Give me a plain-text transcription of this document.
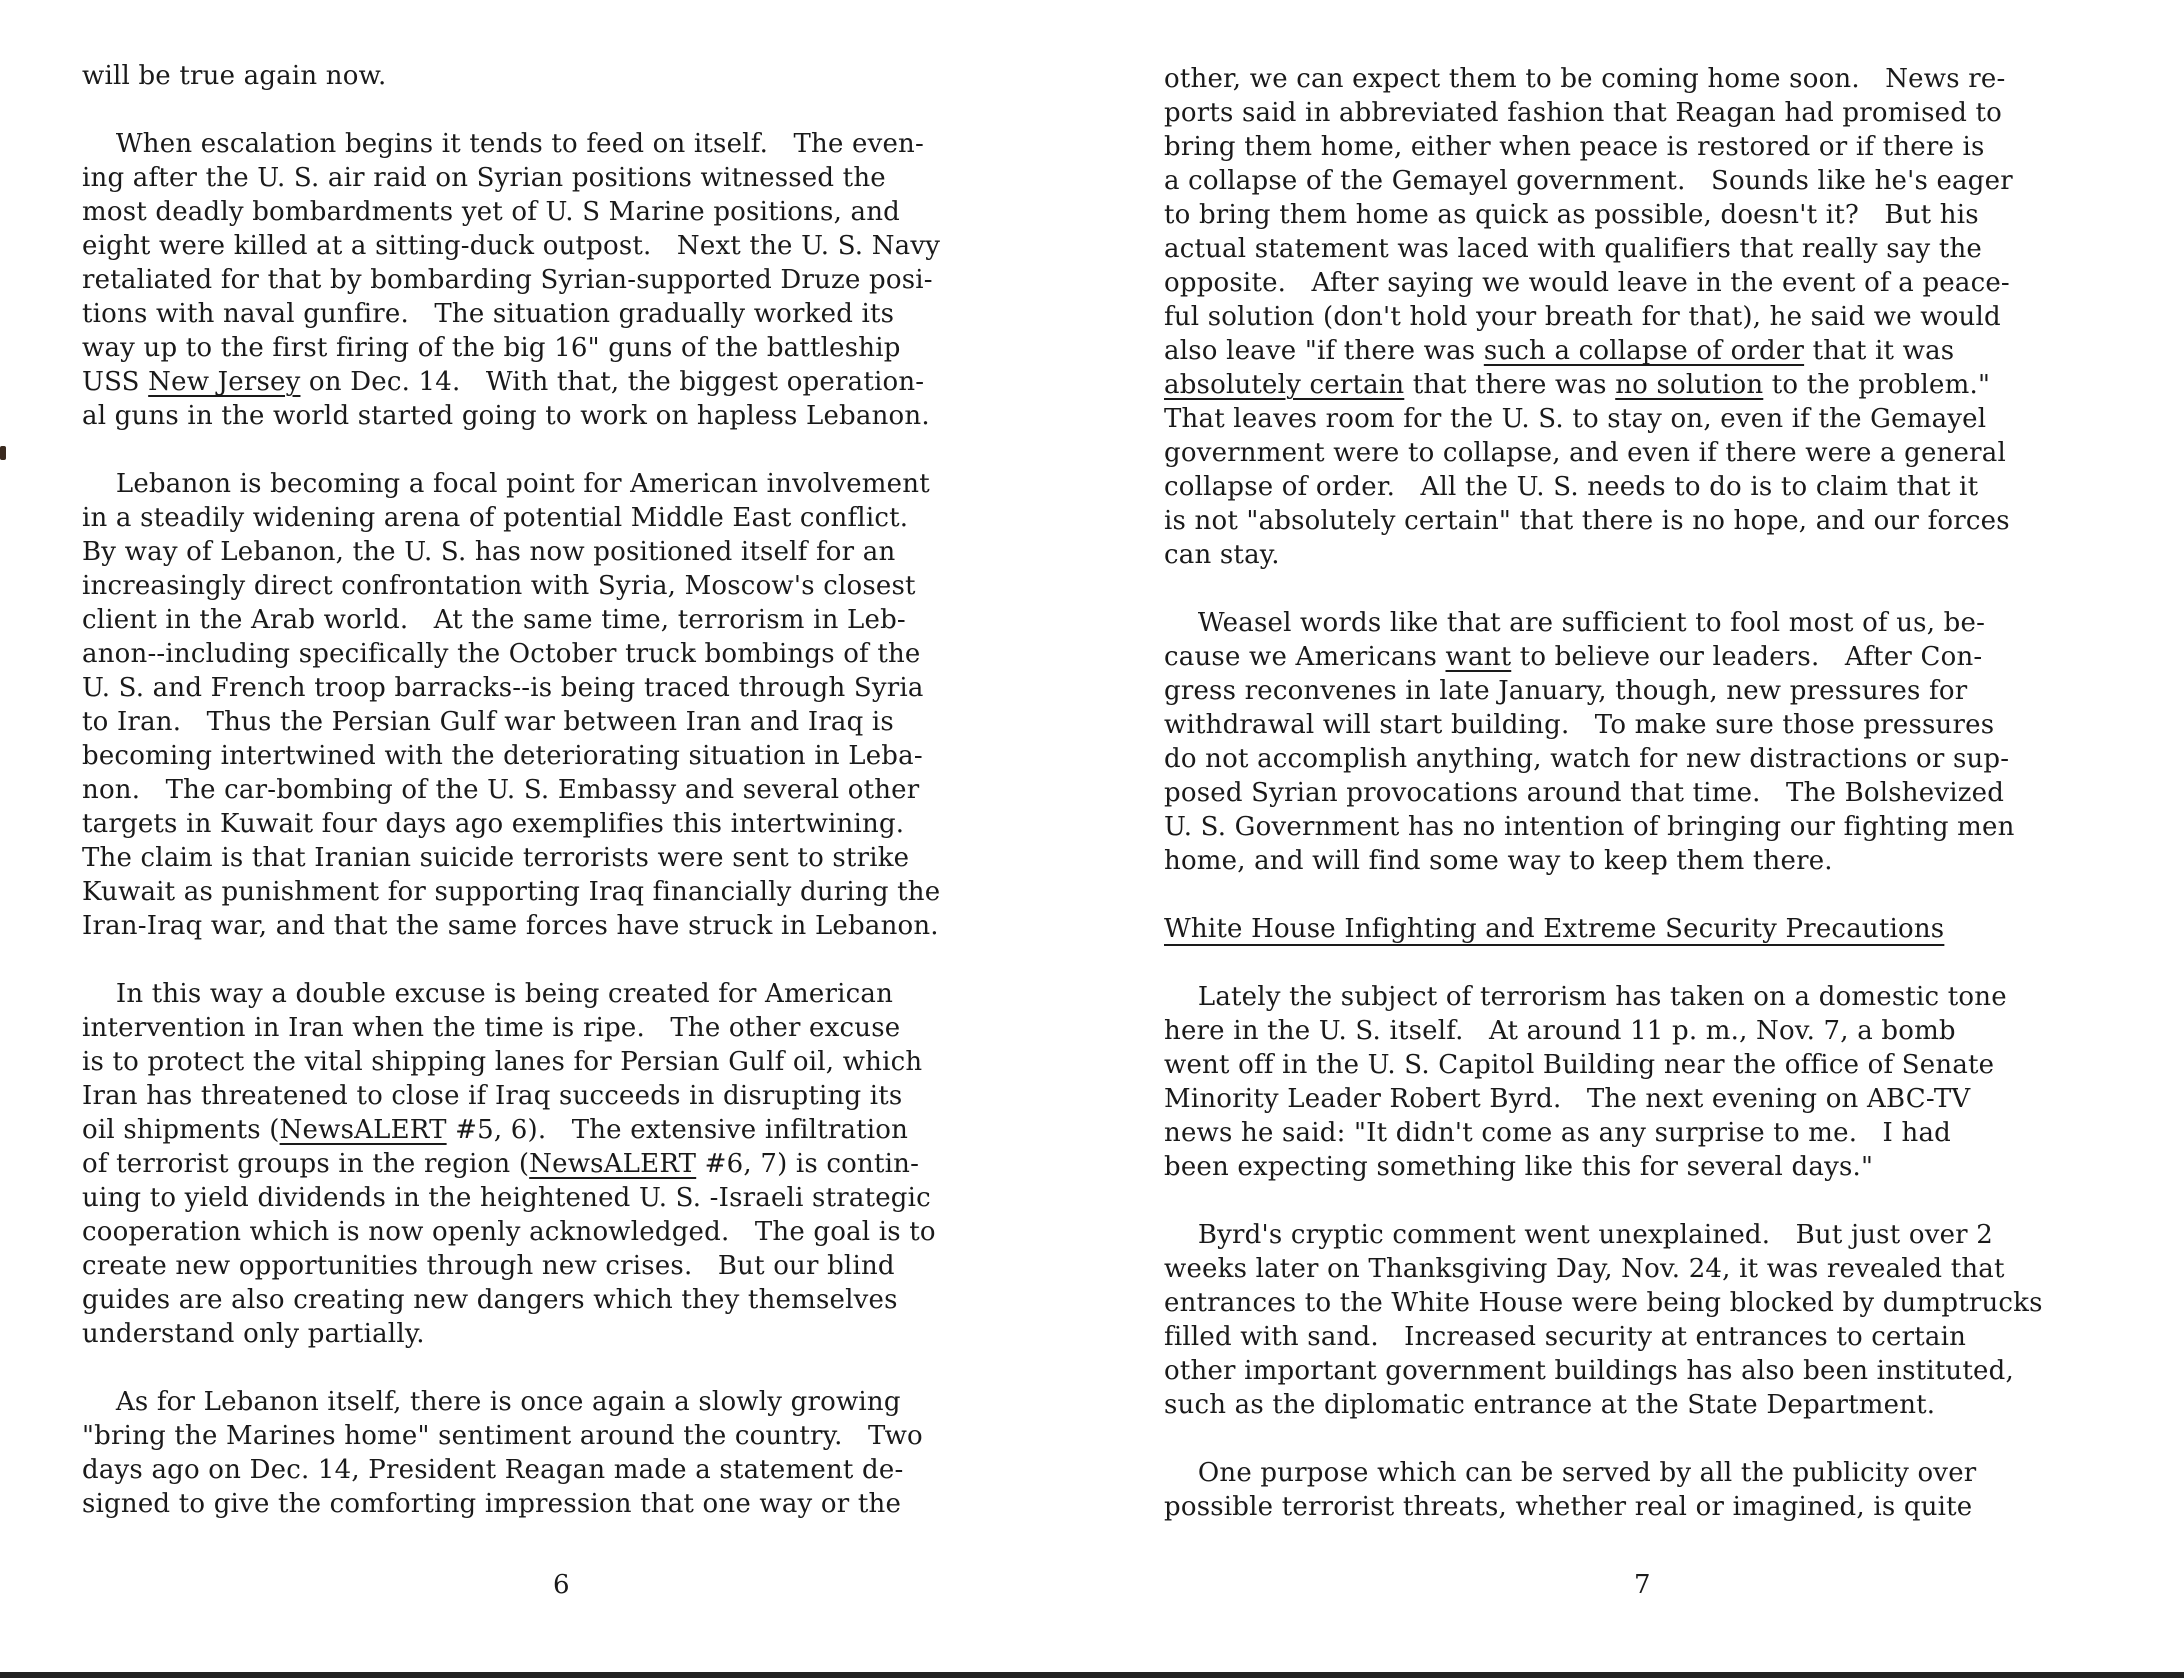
will be true again now.
When escalation begins it tends to feed on itself.   The even-
ing after the U. S. air raid on Syrian positions witnessed the
most deadly bombardments yet of U. S Marine positions, and
eight were killed at a sitting-duck outpost.   Next the U. S. Navy
retaliated for that by bombarding Syrian-supported Druze posi-
tions with naval gunfire.   The situation gradually worked its
way up to the first firing of the big 16" guns of the battleship
USS New Jersey on Dec. 14.   With that, the biggest operation-
al guns in the world started going to work on hapless Lebanon.
Lebanon is becoming a focal point for American involvement
in a steadily widening arena of potential Middle East conflict.
By way of Lebanon, the U. S. has now positioned itself for an
increasingly direct confrontation with Syria, Moscow's closest
client in the Arab world.   At the same time, terrorism in Leb-
anon--including specifically the October truck bombings of the
U. S. and French troop barracks--is being traced through Syria
to Iran.   Thus the Persian Gulf war between Iran and Iraq is
becoming intertwined with the deteriorating situation in Leba-
non.   The car-bombing of the U. S. Embassy and several other
targets in Kuwait four days ago exemplifies this intertwining.
The claim is that Iranian suicide terrorists were sent to strike
Kuwait as punishment for supporting Iraq financially during the
Iran-Iraq war, and that the same forces have struck in Lebanon.
In this way a double excuse is being created for American
intervention in Iran when the time is ripe.   The other excuse
is to protect the vital shipping lanes for Persian Gulf oil, which
Iran has threatened to close if Iraq succeeds in disrupting its
oil shipments (NewsALERT #5, 6).   The extensive infiltration
of terrorist groups in the region (NewsALERT #6, 7) is contin-
uing to yield dividends in the heightened U. S. -Israeli strategic
cooperation which is now openly acknowledged.   The goal is to
create new opportunities through new crises.   But our blind
guides are also creating new dangers which they themselves
understand only partially.
As for Lebanon itself, there is once again a slowly growing
"bring the Marines home" sentiment around the country.   Two
days ago on Dec. 14, President Reagan made a statement de-
signed to give the comforting impression that one way or the
6
other, we can expect them to be coming home soon.   News re-
ports said in abbreviated fashion that Reagan had promised to
bring them home, either when peace is restored or if there is
a collapse of the Gemayel government.   Sounds like he's eager
to bring them home as quick as possible, doesn't it?   But his
actual statement was laced with qualifiers that really say the
opposite.   After saying we would leave in the event of a peace-
ful solution (don't hold your breath for that), he said we would
also leave "if there was such a collapse of order that it was
absolutely certain that there was no solution to the problem."
That leaves room for the U. S. to stay on, even if the Gemayel
government were to collapse, and even if there were a general
collapse of order.   All the U. S. needs to do is to claim that it
is not "absolutely certain" that there is no hope, and our forces
can stay.
Weasel words like that are sufficient to fool most of us, be-
cause we Americans want to believe our leaders.   After Con-
gress reconvenes in late January, though, new pressures for
withdrawal will start building.   To make sure those pressures
do not accomplish anything, watch for new distractions or sup-
posed Syrian provocations around that time.   The Bolshevized
U. S. Government has no intention of bringing our fighting men
home, and will find some way to keep them there.
White House Infighting and Extreme Security Precautions
Lately the subject of terrorism has taken on a domestic tone
here in the U. S. itself.   At around 11 p. m., Nov. 7, a bomb
went off in the U. S. Capitol Building near the office of Senate
Minority Leader Robert Byrd.   The next evening on ABC-TV
news he said: "It didn't come as any surprise to me.   I had
been expecting something like this for several days."
Byrd's cryptic comment went unexplained.   But just over 2
weeks later on Thanksgiving Day, Nov. 24, it was revealed that
entrances to the White House were being blocked by dumptrucks
filled with sand.   Increased security at entrances to certain
other important government buildings has also been instituted,
such as the diplomatic entrance at the State Department.
One purpose which can be served by all the publicity over
possible terrorist threats, whether real or imagined, is quite
7
